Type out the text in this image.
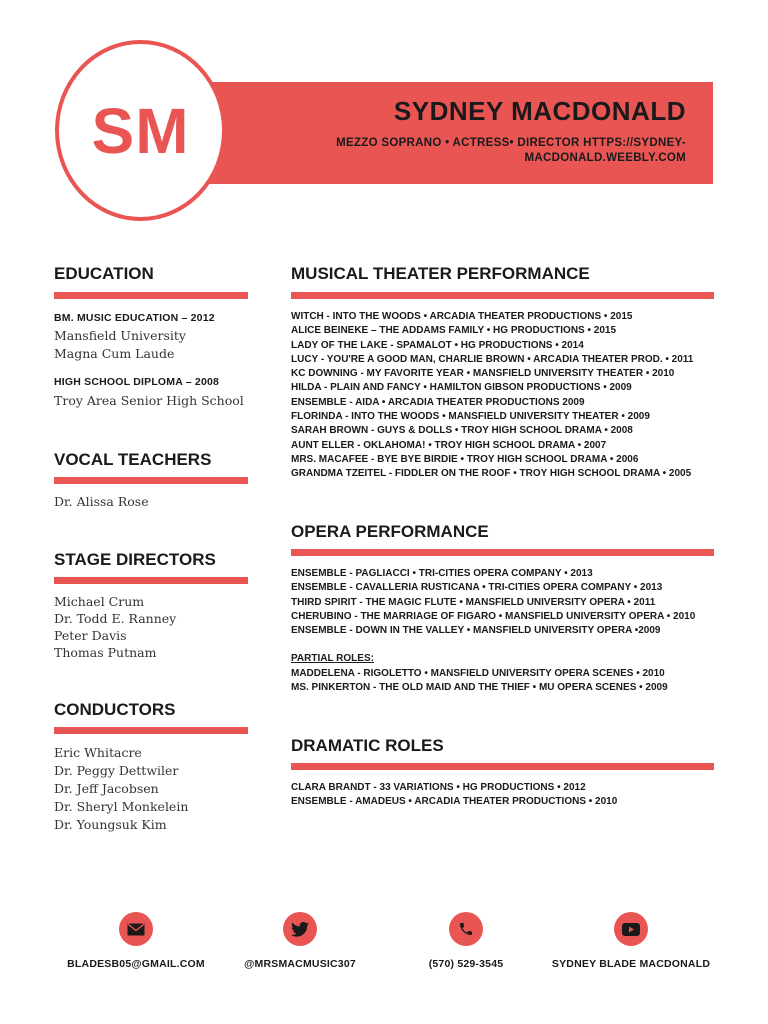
SM	SYDNEY MACDONALD
MEZZO SOPRANO • ACTRESS• DIRECTOR HTTPS://SYDNEY-MACDONALD.WEEBLY.COM
EDUCATION
BM. MUSIC EDUCATION – 2012
Mansfield University
Magna Cum Laude
HIGH SCHOOL DIPLOMA – 2008
Troy Area Senior High School
VOCAL TEACHERS
Dr. Alissa Rose
STAGE DIRECTORS
Michael Crum
Dr. Todd E. Ranney
Peter Davis
Thomas Putnam
CONDUCTORS
Eric Whitacre
Dr. Peggy Dettwiler
Dr. Jeff Jacobsen
Dr. Sheryl Monkelein
Dr. Youngsuk Kim
MUSICAL THEATER PERFORMANCE
WITCH - INTO THE WOODS • ARCADIA THEATER PRODUCTIONS • 2015
ALICE BEINEKE – THE ADDAMS FAMILY • HG PRODUCTIONS • 2015
LADY OF THE LAKE - SPAMALOT • HG PRODUCTIONS • 2014
LUCY - YOU'RE A GOOD MAN, CHARLIE BROWN • ARCADIA THEATER PROD. • 2011
KC DOWNING - MY FAVORITE YEAR • MANSFIELD UNIVERSITY THEATER • 2010
HILDA - PLAIN AND FANCY • HAMILTON GIBSON PRODUCTIONS • 2009
ENSEMBLE - AIDA • ARCADIA THEATER PRODUCTIONS 2009
FLORINDA - INTO THE WOODS • MANSFIELD UNIVERSITY THEATER • 2009
SARAH BROWN - GUYS & DOLLS • TROY HIGH SCHOOL DRAMA • 2008
AUNT ELLER - OKLAHOMA! • TROY HIGH SCHOOL DRAMA • 2007
MRS. MACAFEE - BYE BYE BIRDIE • TROY HIGH SCHOOL DRAMA • 2006
GRANDMA TZEITEL - FIDDLER ON THE ROOF • TROY HIGH SCHOOL DRAMA • 2005
OPERA PERFORMANCE
ENSEMBLE - PAGLIACCI • TRI-CITIES OPERA COMPANY • 2013
ENSEMBLE - CAVALLERIA RUSTICANA • TRI-CITIES OPERA COMPANY • 2013
THIRD SPIRIT - THE MAGIC FLUTE • MANSFIELD UNIVERSITY OPERA • 2011
CHERUBINO - THE MARRIAGE OF FIGARO • MANSFIELD UNIVERSITY OPERA • 2010
ENSEMBLE - DOWN IN THE VALLEY • MANSFIELD UNIVERSITY OPERA •2009
PARTIAL ROLES:
MADDELENA - RIGOLETTO • MANSFIELD UNIVERSITY OPERA SCENES • 2010
MS. PINKERTON - THE OLD MAID AND THE THIEF • MU OPERA SCENES • 2009
DRAMATIC ROLES
CLARA BRANDT - 33 VARIATIONS • HG PRODUCTIONS • 2012
ENSEMBLE - AMADEUS • ARCADIA THEATER PRODUCTIONS • 2010
BLADESB05@GMAIL.COM	@MRSMACMUSIC307	(570) 529-3545	SYDNEY BLADE MACDONALD
